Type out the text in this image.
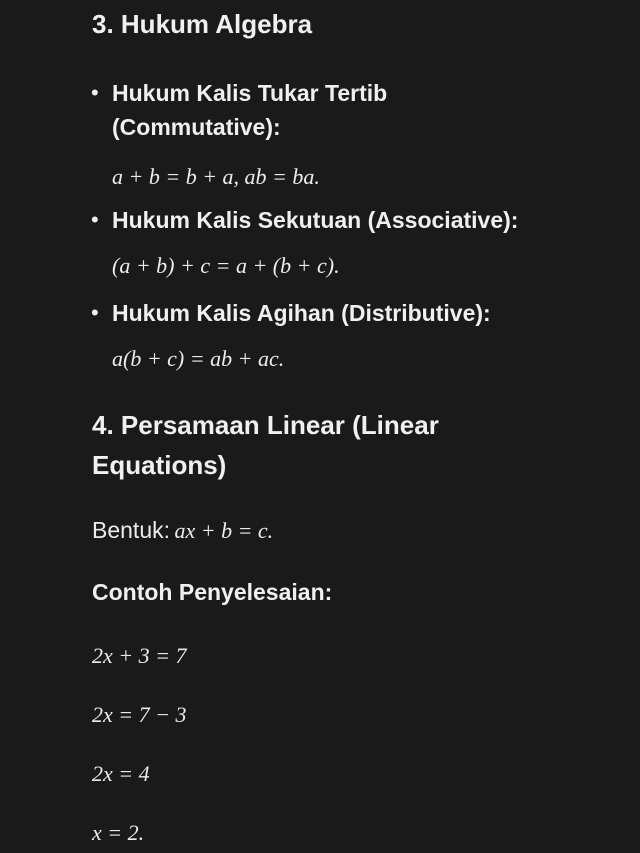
3. Hukum Algebra
• Hukum Kalis Tukar Tertib
(Commutative):
a + b = b + a, ab = ba.
• Hukum Kalis Sekutuan (Associative):
(a + b) + c = a + (b + c).
• Hukum Kalis Agihan (Distributive):
a(b + c) = ab + ac.
4. Persamaan Linear (Linear
Equations)
Bentuk: ax + b = c.
Contoh Penyelesaian:
2x + 3 = 7
2x = 7 − 3
2x = 4
x = 2.
